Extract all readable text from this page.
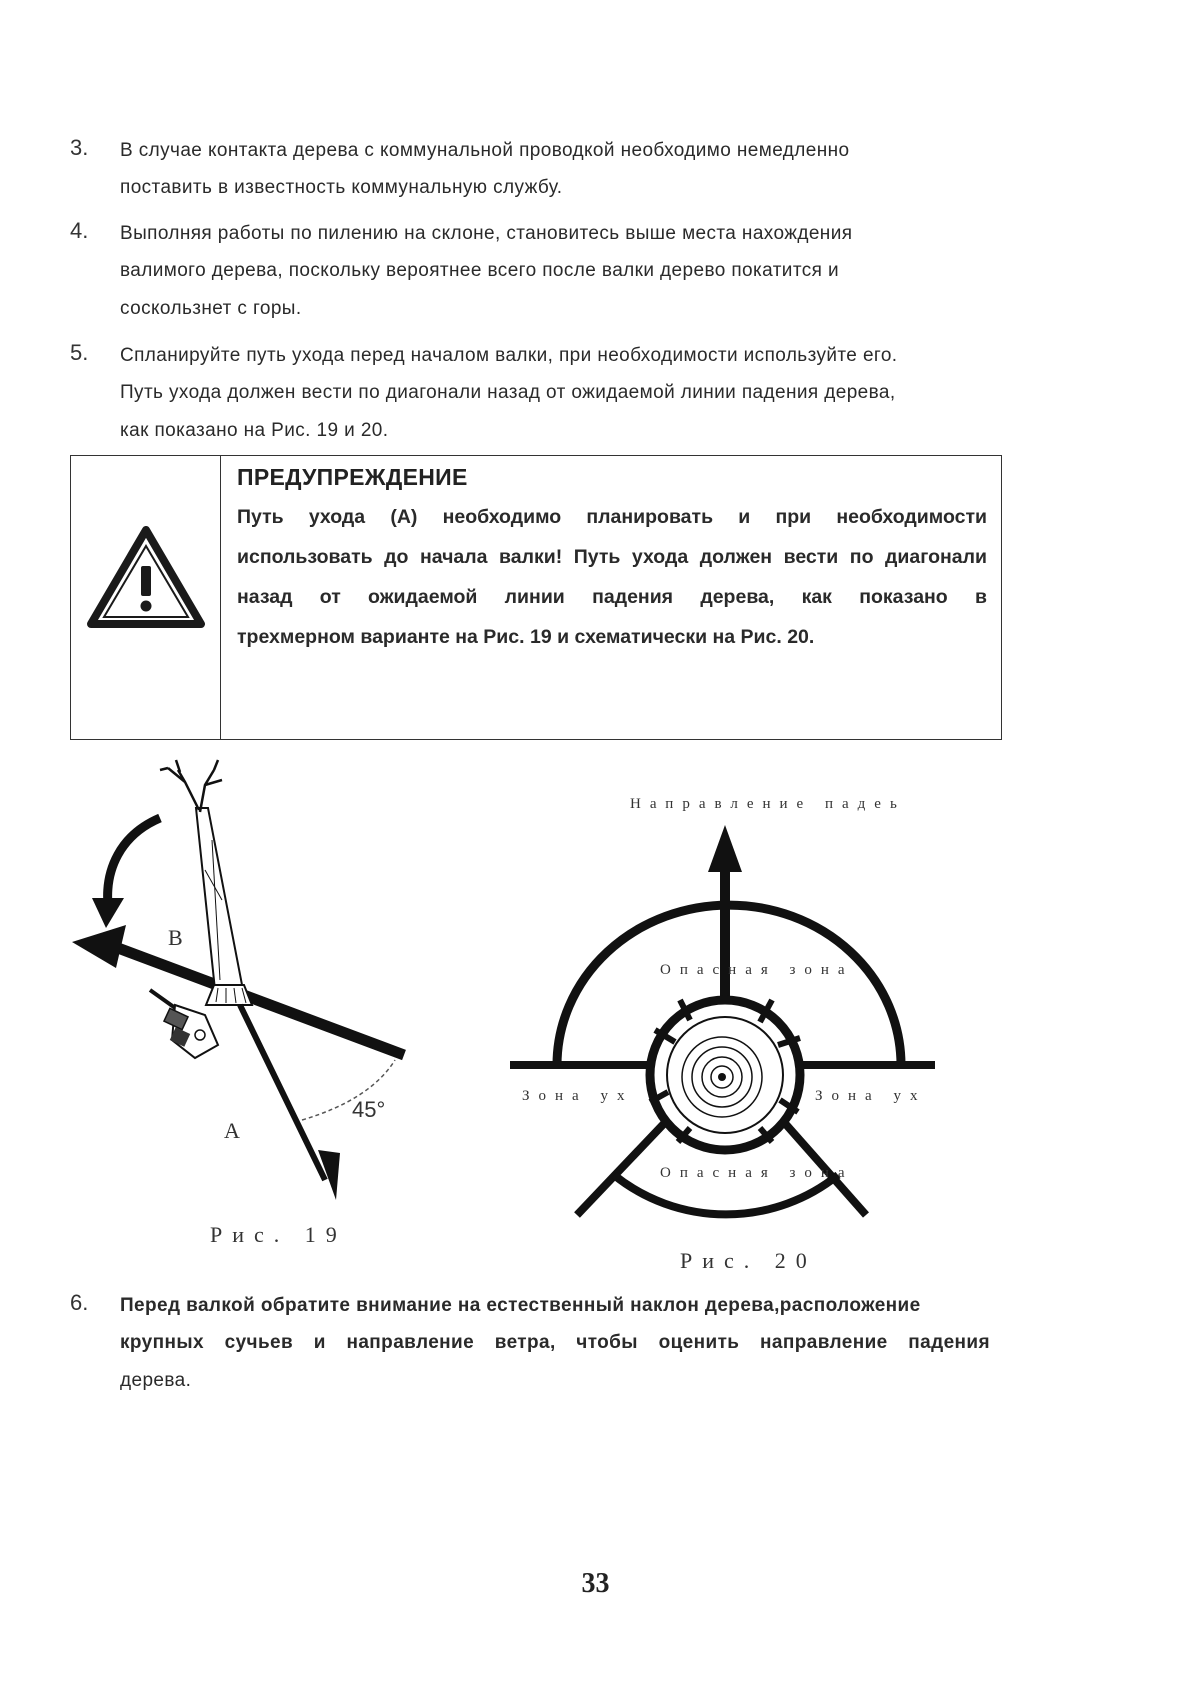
3. В случае контакта дерева с коммунальной проводкой необходимо немедленно
поставить в известность коммунальную службу.
4. Выполняя работы по пилению на склоне, становитесь выше места нахождения
валимого дерева, поскольку вероятнее всего после валки дерево покатится и
соскользнет с горы.
5. Спланируйте путь ухода перед началом валки, при необходимости используйте его.
Путь ухода должен вести по диагонали назад от ожидаемой линии падения дерева,
как показано на Рис. 19 и 20.
ПРЕДУПРЕЖДЕНИЕ
Путь ухода (А) необходимо планировать и при необходимости
использовать до начала валки! Путь ухода должен вести по диагонали
назад от ожидаемой линии падения дерева, как показано в
трехмерном варианте на Рис. 19 и схематически на Рис. 20.
B
A
45°
Рис. 19
Направление падеь
Опасная зона
Зона ух	Зона ух
Опасная зона
Рис. 20
6. Перед валкой обратите внимание на естественный наклон дерева,расположение
крупных сучьев и направление ветра, чтобы оценить направление падения
дерева.
33
